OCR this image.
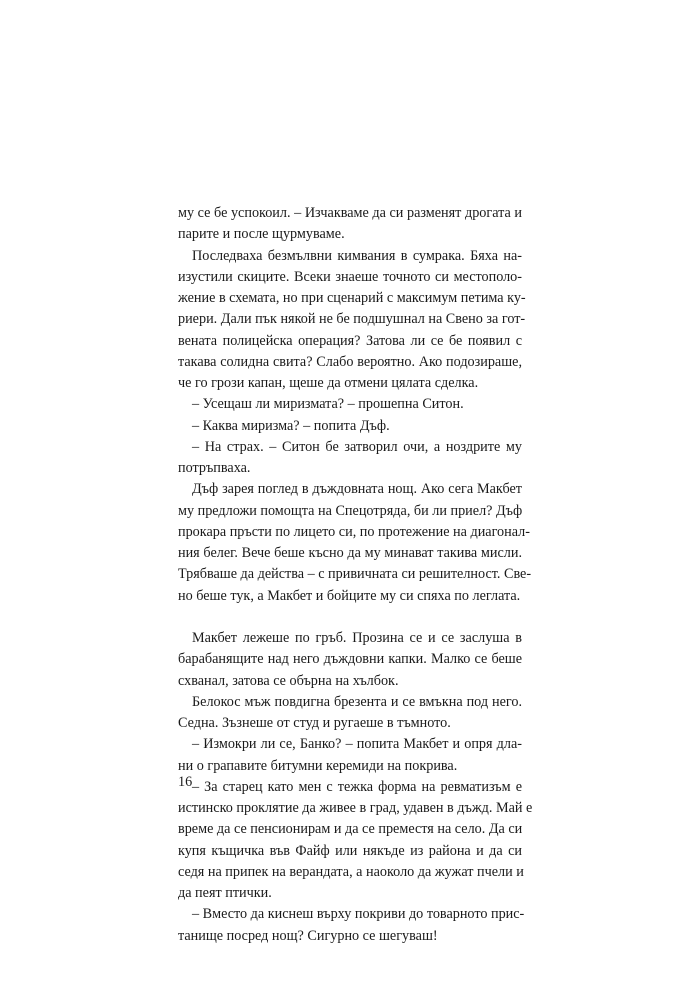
му се бе успокоил. – Изчакваме да си разменят дрогата и
парите и после щурмуваме.
Последваха безмълвни кимвания в сумрака. Бяха на-
изустили скиците. Всеки знаеше точното си местополо-
жение в схемата, но при сценарий с максимум петима ку-
риери. Дали пък някой не бе подшушнал на Свено за гот-
вената полицейска операция? Затова ли се бе появил с
такава солидна свита? Слабо вероятно. Ако подозираше,
че го грози капан, щеше да отмени цялата сделка.
– Усещаш ли миризмата? – прошепна Ситон.
– Каква миризма? – попита Дъф.
– На страх. – Ситон бе затворил очи, а ноздрите му
потръпваха.
Дъф зарея поглед в дъждовната нощ. Ако сега Макбет
му предложи помощта на Спецотряда, би ли приел? Дъф
прокара пръсти по лицето си, по протежение на диагонал-
ния белег. Вече беше късно да му минават такива мисли.
Трябваше да действа – с привичната си решителност. Све-
но беше тук, а Макбет и бойците му си спяха по леглата.
Макбет лежеше по гръб. Прозина се и се заслуша в
барабанящите над него дъждовни капки. Малко се беше
схванал, затова се обърна на хълбок.
Белокос мъж повдигна брезента и се вмъкна под него.
Седна. Зъзнеше от студ и ругаеше в тъмното.
– Измокри ли се, Банко? – попита Макбет и опря дла-
ни о грапавите битумни керемиди на покрива.
– За старец като мен с тежка форма на ревматизъм е
истинско проклятие да живее в град, удавен в дъжд. Май е
време да се пенсионирам и да се преместя на село. Да си
купя къщичка във Файф или някъде из района и да си
седя на припек на верандата, а наоколо да жужат пчели и
да пеят птички.
– Вместо да киснеш върху покриви до товарното прис-
танище посред нощ? Сигурно се шегуваш!
16
